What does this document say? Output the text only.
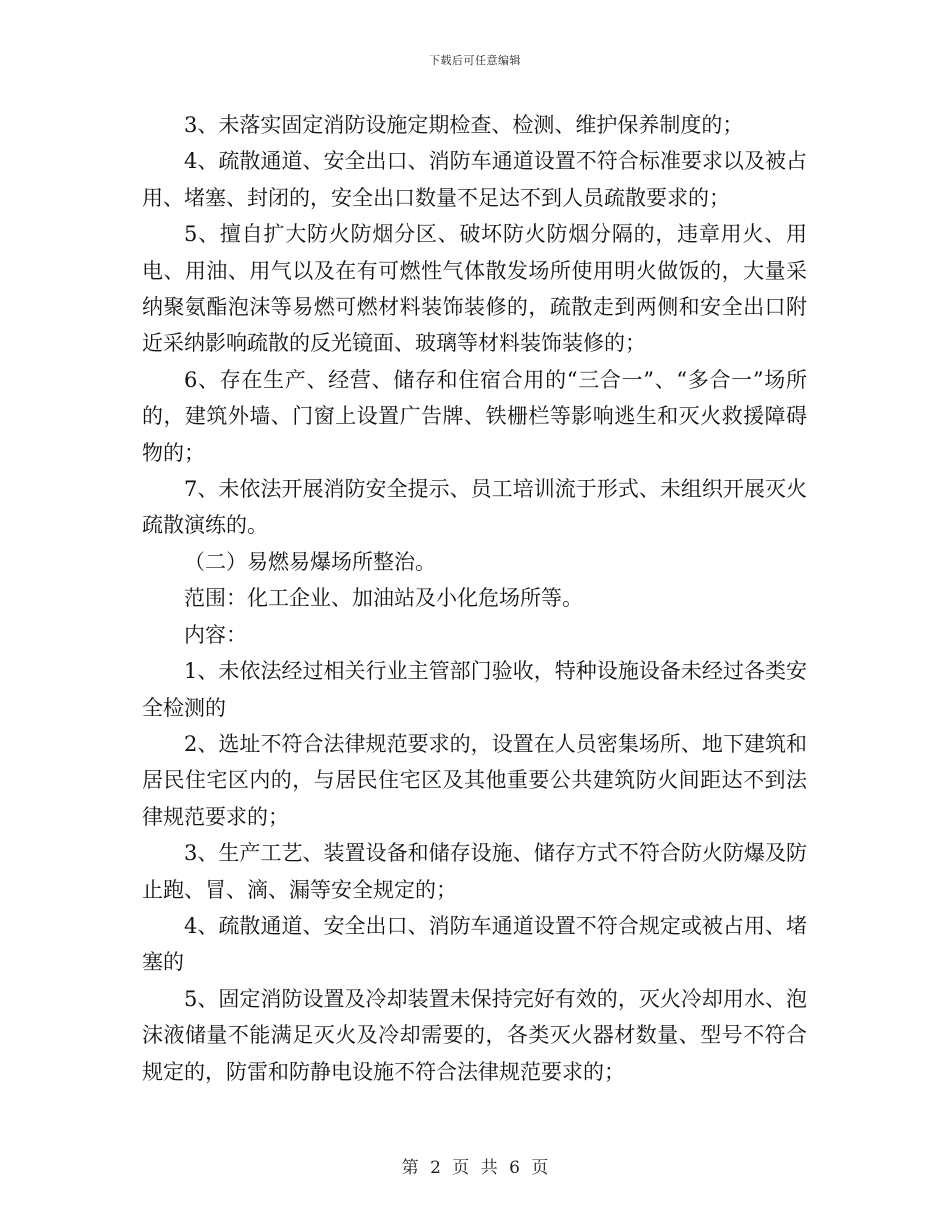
下载后可任意编辑

3、未落实固定消防设施定期检查、检测、维护保养制度的；

4、疏散通道、安全出口、消防车通道设置不符合标准要求以及被占用、堵塞、封闭的，安全出口数量不足达不到人员疏散要求的；

5、擅自扩大防火防烟分区、破坏防火防烟分隔的，违章用火、用电、用油、用气以及在有可燃性气体散发场所使用明火做饭的，大量采纳聚氨酯泡沫等易燃可燃材料装饰装修的，疏散走到两侧和安全出口附近采纳影响疏散的反光镜面、玻璃等材料装饰装修的；

6、存在生产、经营、储存和住宿合用的“三合一”、“多合一”场所的，建筑外墙、门窗上设置广告牌、铁栅栏等影响逃生和灭火救援障碍物的；

7、未依法开展消防安全提示、员工培训流于形式、未组织开展灭火疏散演练的。

（二）易燃易爆场所整治。

范围：化工企业、加油站及小化危场所等。

内容：

1、未依法经过相关行业主管部门验收，特种设施设备未经过各类安全检测的

2、选址不符合法律规范要求的，设置在人员密集场所、地下建筑和居民住宅区内的，与居民住宅区及其他重要公共建筑防火间距达不到法律规范要求的；

3、生产工艺、装置设备和储存设施、储存方式不符合防火防爆及防止跑、冒、滴、漏等安全规定的；

4、疏散通道、安全出口、消防车通道设置不符合规定或被占用、堵塞的

5、固定消防设置及冷却装置未保持完好有效的，灭火冷却用水、泡沫液储量不能满足灭火及冷却需要的，各类灭火器材数量、型号不符合规定的，防雷和防静电设施不符合法律规范要求的；

第 2 页 共 6 页
